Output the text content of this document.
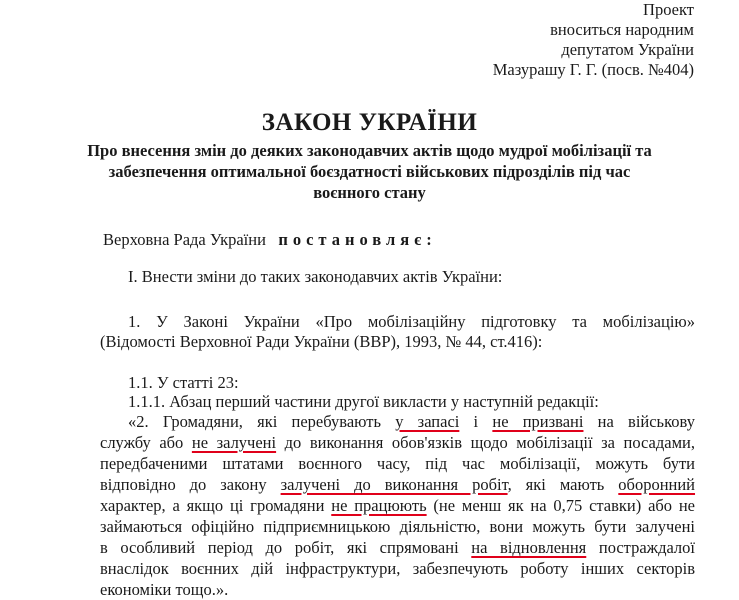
Проект
вноситься народним
депутатом України
Мазурашу Г. Г. (посв. №404)
ЗАКОН УКРАЇНИ
Про внесення змін до деяких законодавчих актів щодо мудрої мобілізації та
забезпечення оптимальної боєздатності військових підрозділів під час
воєнного стану
Верховна Рада України постановляє:
I. Внести зміни до таких законодавчих актів України:
1. У Законі України «Про мобілізаційну підготовку та мобілізацію»
(Відомості Верховної Ради України (ВВР), 1993, № 44, ст.416):
1.1. У статті 23:
1.1.1. Абзац перший частини другої викласти у наступній редакції:
«2. Громадяни, які перебувають у запасі і не призвані на військову
службу або не залучені до виконання обов'язків щодо мобілізації за посадами,
передбаченими штатами воєнного часу, під час мобілізації, можуть бути
відповідно до закону залучені до виконання робіт, які мають оборонний
характер, а якщо ці громадяни не працюють (не менш як на 0,75 ставки) або не
займаються офіційно підприємницькою діяльністю, вони можуть бути залучені
в особливий період до робіт, які спрямовані на відновлення постраждалої
внаслідок воєнних дій інфраструктури, забезпечують роботу інших секторів
економіки тощо.».
